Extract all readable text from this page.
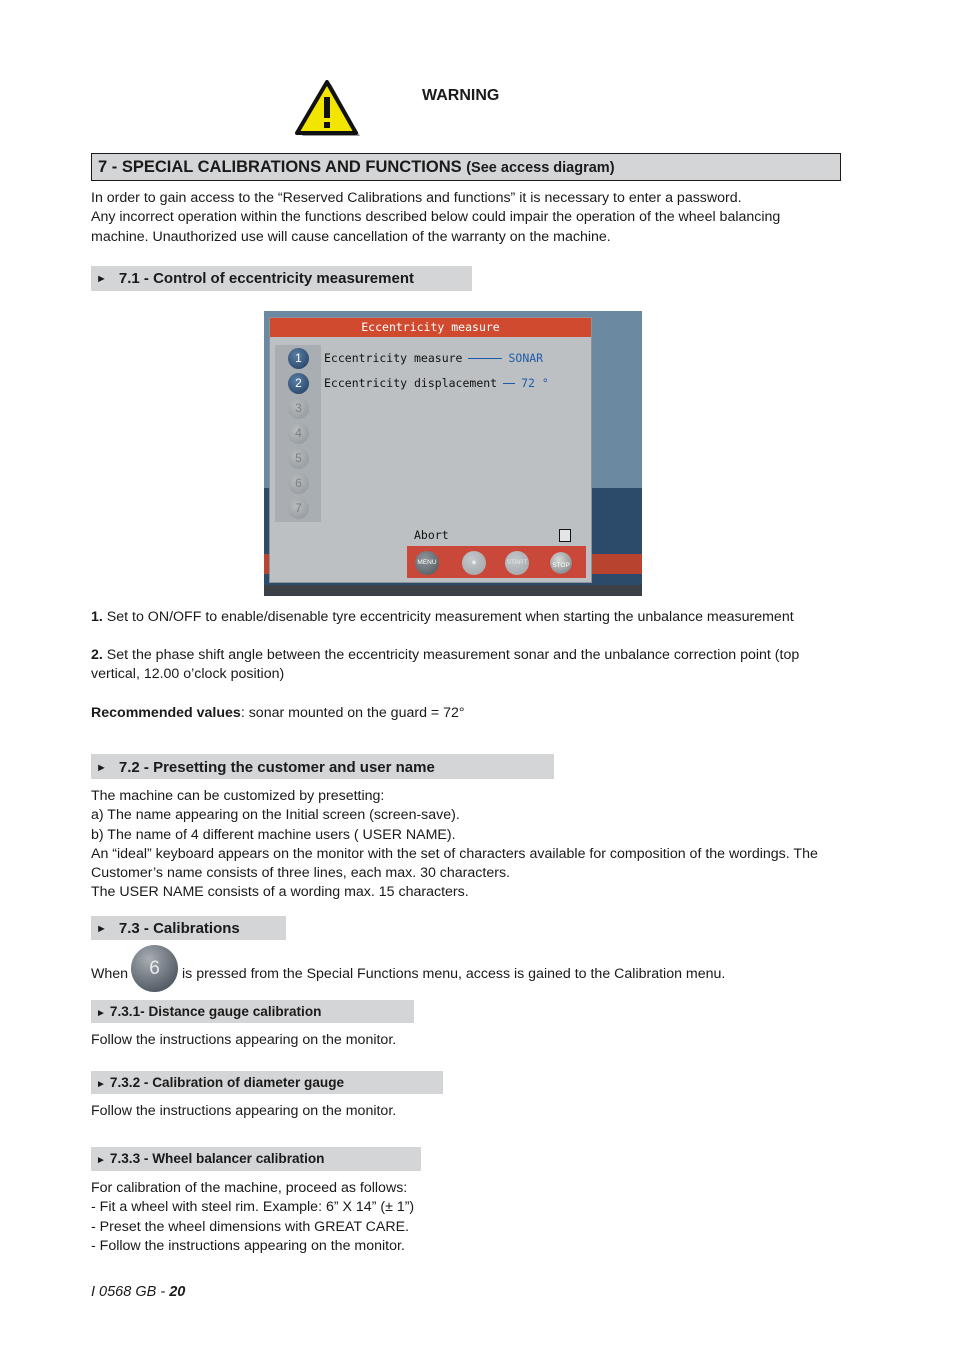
WARNING
7 - SPECIAL CALIBRATIONS AND FUNCTIONS (See access diagram)

In order to gain access to the “Reserved Calibrations and functions” it is necessary to enter a password.

Any incorrect operation within the functions described below could impair the operation of the wheel balancing machine. Unauthorized use will cause cancellation of the warranty on the machine.

► 7.1 - Control of eccentricity measurement
Eccentricity measure
1
2
3
4
5
6
7
Eccentricity measure	SONAR
Eccentricity displacement 72 °
Abort
MENU	◆	START	STOP

1. Set to ON/OFF to enable/disenable tyre eccentricity measurement when starting the unbalance measurement

2. Set the phase shift angle between the eccentricity measurement sonar and the unbalance correction point (top vertical, 12.00 o’clock position)

Recommended values: sonar mounted on the guard = 72°

► 7.2 - Presetting the customer and user name

The machine can be customized by presetting:

a) The name appearing on the Initial screen (screen-save).

b) The name of 4 different machine users ( USER NAME).

An “ideal” keyboard appears on the monitor with the set of characters available for composition of the wordings. The Customer’s name consists of three lines, each max. 30 characters.

The USER NAME consists of a wording max. 15 characters.

► 7.3 - Calibrations
When	6	is pressed from the Special Functions menu, access is gained to the Calibration menu.
► 7.3.1- Distance gauge calibration

Follow the instructions appearing on the monitor.

► 7.3.2 - Calibration of diameter gauge

Follow the instructions appearing on the monitor.

► 7.3.3 - Wheel balancer calibration

For calibration of the machine, proceed as follows:

- Fit a wheel with steel rim. Example: 6” X 14” (± 1”)

- Preset the wheel dimensions with GREAT CARE.

- Follow the instructions appearing on the monitor.

I 0568 GB - 20
